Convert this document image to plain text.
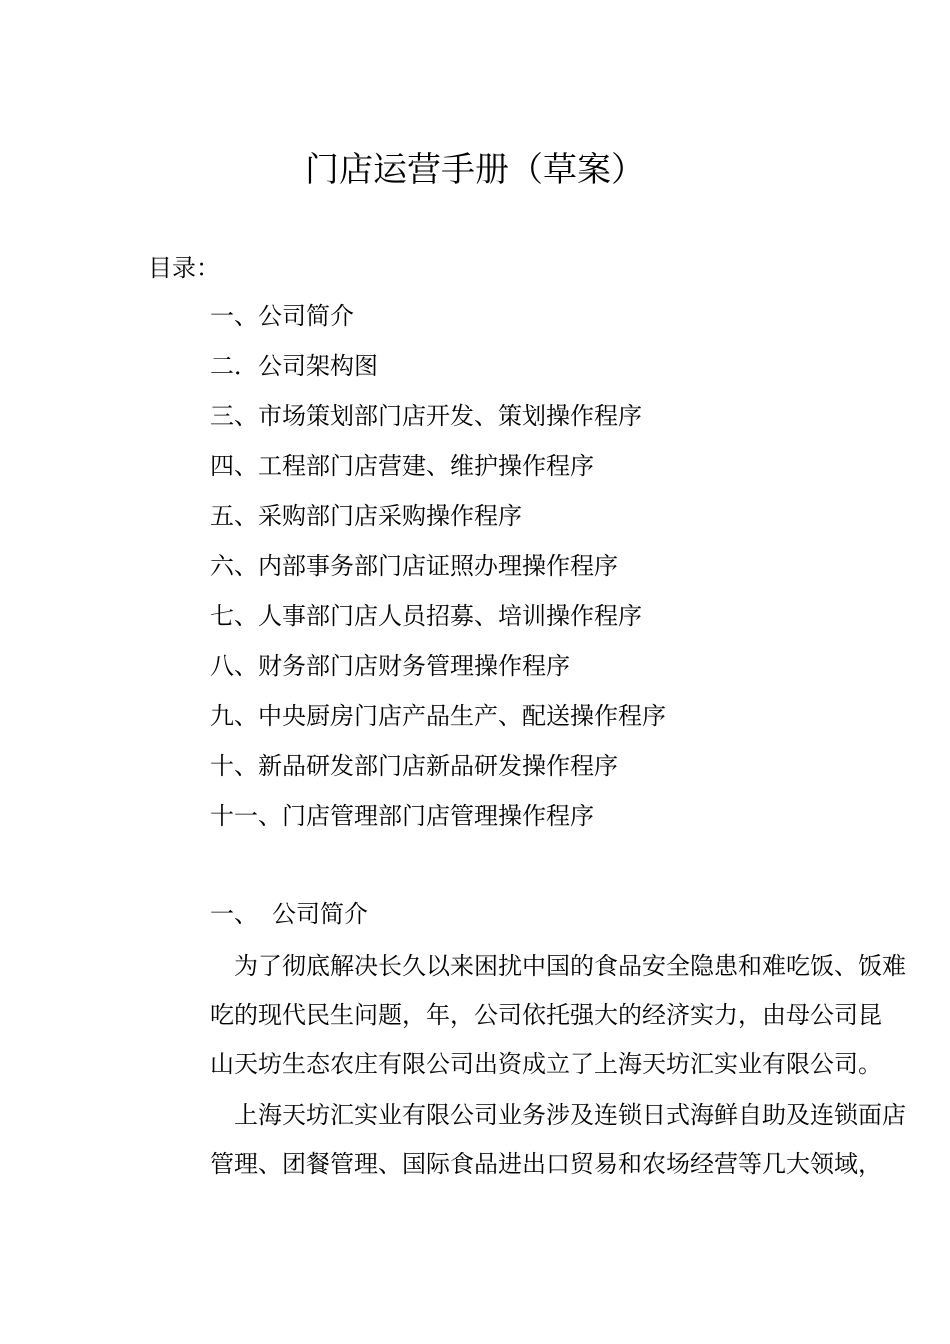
门店运营手册（草案）
目录：
一、公司简介
二．公司架构图
三、市场策划部门店开发、策划操作程序
四、工程部门店营建、维护操作程序
五、采购部门店采购操作程序
六、内部事务部门店证照办理操作程序
七、人事部门店人员招募、培训操作程序
八、财务部门店财务管理操作程序
九、中央厨房门店产品生产、配送操作程序
十、新品研发部门店新品研发操作程序
十一、门店管理部门店管理操作程序
一、 公司简介

　为了彻底解决长久以来困扰中国的食品安全隐患和难吃饭、饭难
吃的现代民生问题，年，公司依托强大的经济实力，由母公司昆
山天坊生态农庄有限公司出资成立了上海天坊汇实业有限公司。

　上海天坊汇实业有限公司业务涉及连锁日式海鲜自助及连锁面店
管理、团餐管理、国际食品进出口贸易和农场经营等几大领域，
